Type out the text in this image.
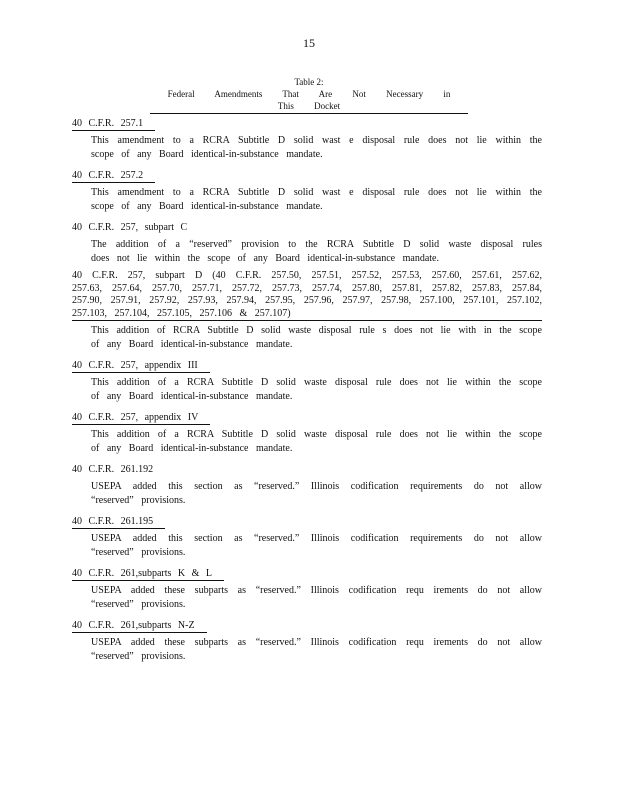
15
Table 2:
Federal Amendments That Are Not Necessary in This Docket
40 C.F.R. 257.1
This amendment to a RCRA Subtitle D solid wast e disposal rule does not lie within the scope of any Board identical-in-substance mandate.
40 C.F.R. 257.2
This amendment to a RCRA Subtitle D solid wast e disposal rule does not lie within the scope of any Board identical-in-substance mandate.
40 C.F.R. 257, subpart C
The addition of a “reserved” provision to the RCRA Subtitle D solid waste disposal rules does not lie within the scope of any Board identical-in-substance mandate.
40 C.F.R. 257, subpart D (40 C.F.R. 257.50, 257.51, 257.52, 257.53, 257.60, 257.61, 257.62, 257.63, 257.64, 257.70, 257.71, 257.72, 257.73, 257.74, 257.80, 257.81, 257.82, 257.83, 257.84, 257.90, 257.91, 257.92, 257.93, 257.94, 257.95, 257.96, 257.97, 257.98, 257.100, 257.101, 257.102, 257.103, 257.104, 257.105, 257.106 & 257.107)
This addition of RCRA Subtitle D solid waste disposal rule s does not lie with in the scope of any Board identical-in-substance mandate.
40 C.F.R. 257, appendix III
This addition of a RCRA Subtitle D solid waste disposal rule does not lie within the scope of any Board identical-in-substance mandate.
40 C.F.R. 257, appendix IV
This addition of a RCRA Subtitle D solid waste disposal rule does not lie within the scope of any Board identical-in-substance mandate.
40 C.F.R. 261.192
USEPA added this section as “reserved.” Illinois codification requirements do not allow “reserved” provisions.
40 C.F.R. 261.195
USEPA added this section as “reserved.” Illinois codification requirements do not allow “reserved” provisions.
40 C.F.R. 261,subparts K & L
USEPA added these subparts as “reserved.” Illinois codification requ irements do not allow “reserved” provisions.
40 C.F.R. 261,subparts N-Z
USEPA added these subparts as “reserved.” Illinois codification requ irements do not allow “reserved” provisions.
